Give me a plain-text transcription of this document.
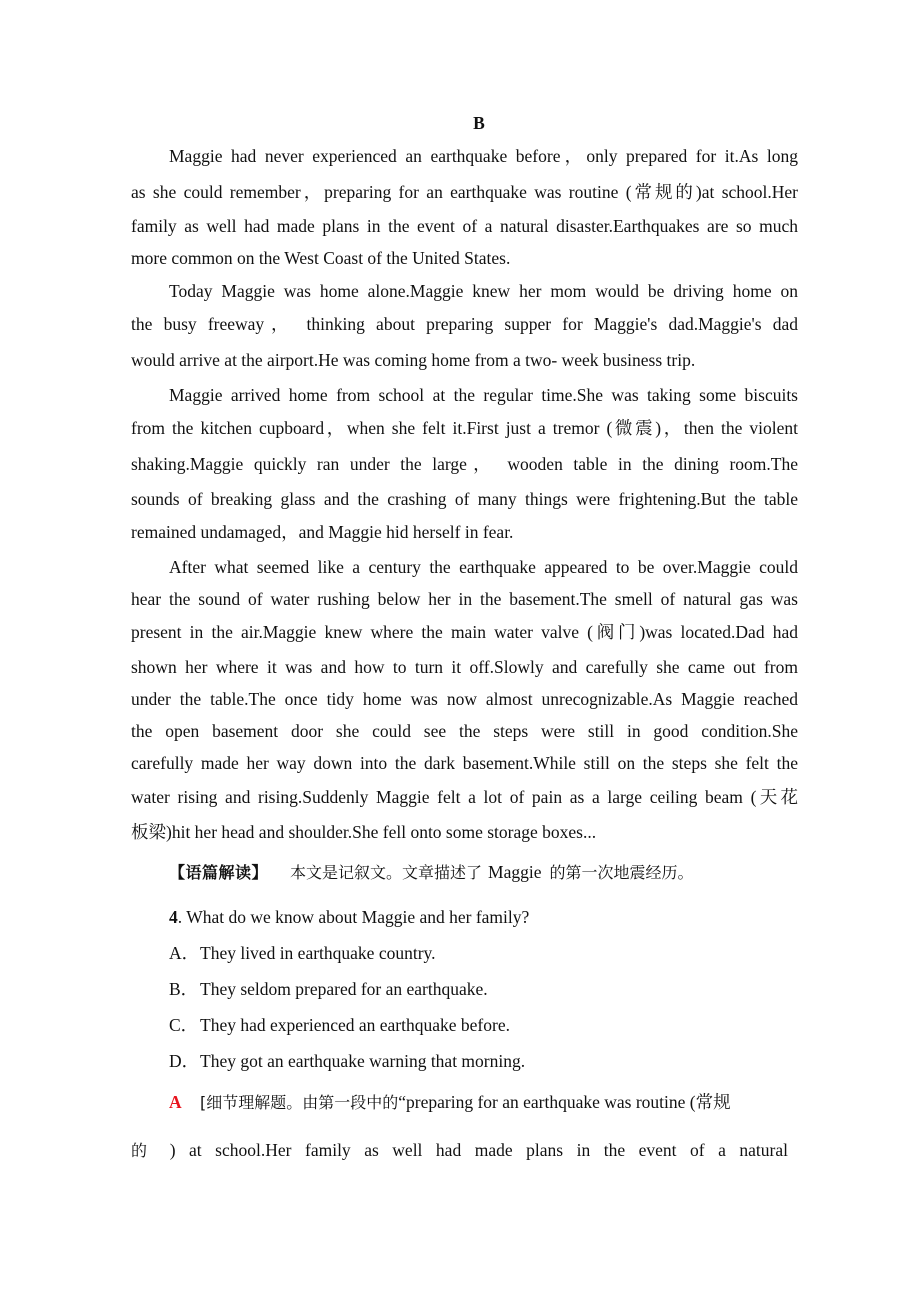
B
Maggie had never experienced an earthquake before，only prepared for it.As long
as she could remember，preparing for an earthquake was routine (常规的)at school.Her
family as well had made plans in the event of a natural disaster.Earthquakes are so much
more common on the West Coast of the United States.
Today Maggie was home alone.Maggie knew her mom would be driving home on
the busy freeway， thinking about preparing supper for Maggie's dad.Maggie's dad
would arrive at the airport.He was coming home from a two- week business trip.
Maggie arrived home from school at the regular time.She was taking some biscuits
from the kitchen cupboard，when she felt it.First just a tremor (微震)，then the violent
shaking.Maggie quickly ran under the large， wooden table in the dining room.The
sounds of breaking glass and the crashing of many things were frightening.But the table
remained undamaged，and Maggie hid herself in fear.
After what seemed like a century the earthquake appeared to be over.Maggie could
hear the sound of water rushing below her in the basement.The smell of natural gas was
present in the air.Maggie knew where the main water valve (阀门)was located.Dad had
shown her where it was and how to turn it off.Slowly and carefully she came out from
under the table.The once tidy home was now almost unrecognizable.As Maggie reached
the open basement door she could see the steps were still in good condition.She
carefully made her way down into the dark basement.While still on the steps she felt the
water rising and rising.Suddenly Maggie felt a lot of pain as a large ceiling beam (天花
板梁)hit her head and shoulder.She fell onto some storage boxes...
【语篇解读】 本文是记叙文。文章描述了 Maggie 的第一次地震经历。
4. What do we know about Maggie and her family?
A．They lived in earthquake country.
B． They seldom prepared for an earthquake.
C． They had experienced an earthquake before.
D．They got an earthquake warning that morning.
A [细节理解题。由第一段中的“preparing for an earthquake was routine (常规
的 ) at school.Her family as well had made plans in the event of a natural
